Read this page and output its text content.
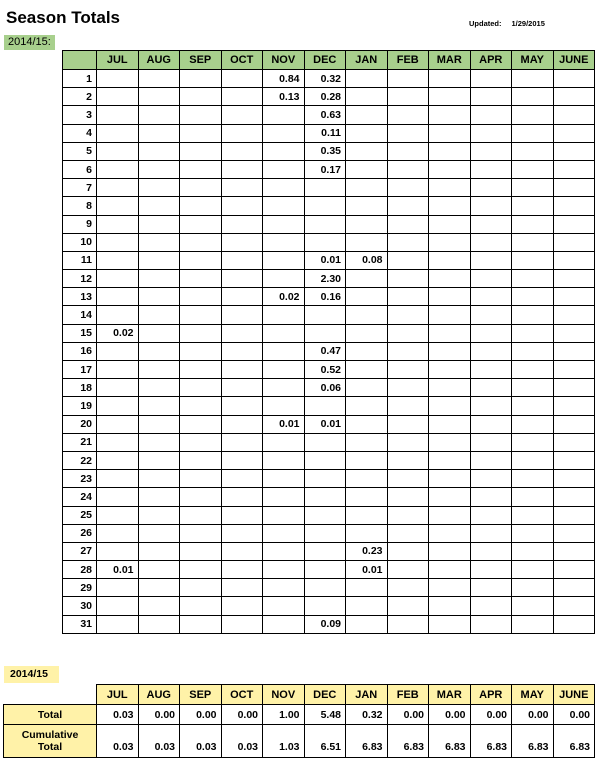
Season Totals	Updated: 1/29/2015
2014/15:
	JUL	AUG	SEP	OCT	NOV	DEC	JAN	FEB	MAR	APR	MAY	JUNE
1					0.84	0.32						
2					0.13	0.28						
3						0.63						
4						0.11						
5						0.35						
6						0.17						
7												
8												
9												
10												
11						0.01	0.08					
12						2.30						
13					0.02	0.16						
14												
15	0.02											
16						0.47						
17						0.52						
18						0.06						
19												
20					0.01	0.01						
21												
22												
23												
24												
25												
26												
27							0.23					
28	0.01						0.01					
29												
30												
31						0.09						
2014/15
	JUL	AUG	SEP	OCT	NOV	DEC	JAN	FEB	MAR	APR	MAY	JUNE
Total	0.03	0.00	0.00	0.00	1.00	5.48	0.32	0.00	0.00	0.00	0.00	0.00

Cumulative
Total	0.03	0.03	0.03	0.03	1.03	6.51	6.83	6.83	6.83	6.83	6.83	6.83
